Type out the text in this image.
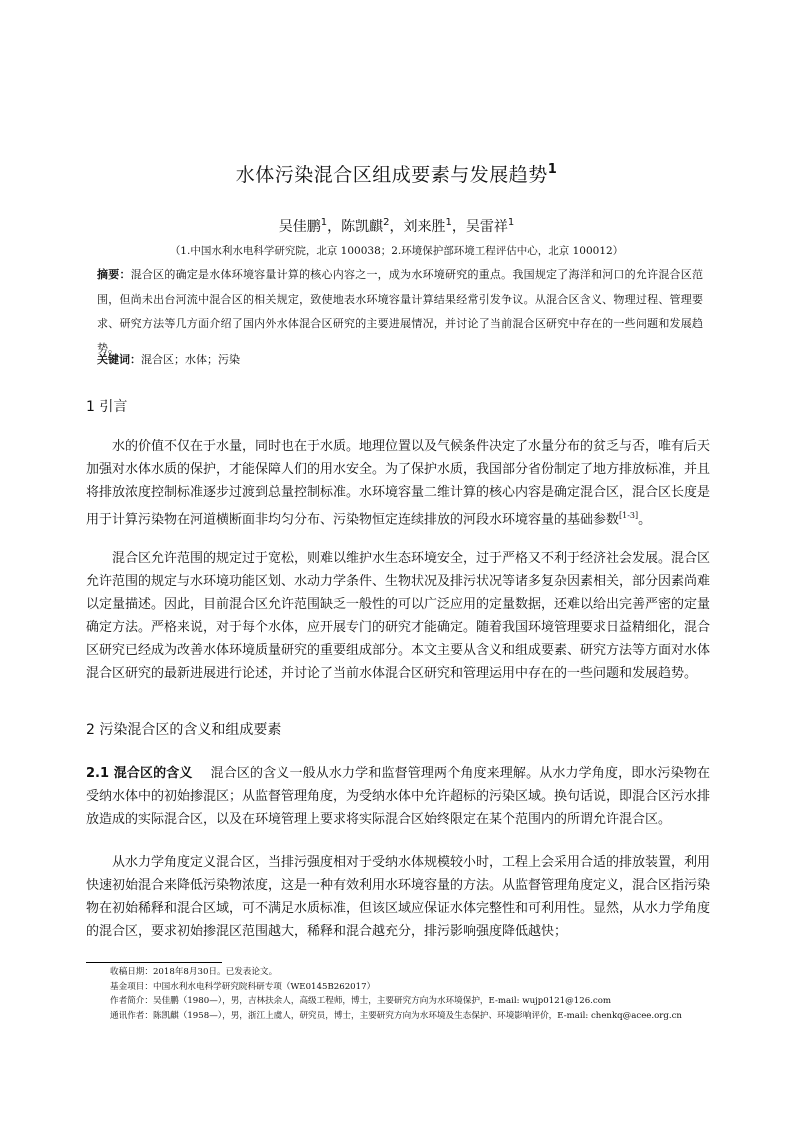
水体污染混合区组成要素与发展趋势$^1$
吴佳鹏$^1$，陈凯麒$^2$，刘来胜$^1$，吴雷祥$^1$
（1.中国水利水电科学研究院，北京 100038；2.环境保护部环境工程评估中心，北京 100012）
摘要：混合区的确定是水体环境容量计算的核心内容之一，成为水环境研究的重点。我国规定了海洋和河口的允许混合区范围，但尚未出台河流中混合区的相关规定，致使地表水环境容量计算结果经常引发争议。从混合区含义、物理过程、管理要求、研究方法等几方面介绍了国内外水体混合区研究的主要进展情况，并讨论了当前混合区研究中存在的一些问题和发展趋势。
关键词：混合区；水体；污染
1 引言
水的价值不仅在于水量，同时也在于水质。地理位置以及气候条件决定了水量分布的贫乏与否，唯有后天加强对水体水质的保护，才能保障人们的用水安全。为了保护水质，我国部分省份制定了地方排放标准，并且将排放浓度控制标准逐步过渡到总量控制标准。水环境容量二维计算的核心内容是确定混合区，混合区长度是用于计算污染物在河道横断面非均匀分布、污染物恒定连续排放的河段水环境容量的基础参数[1-3]。
混合区允许范围的规定过于宽松，则难以维护水生态环境安全，过于严格又不利于经济社会发展。混合区允许范围的规定与水环境功能区划、水动力学条件、生物状况及排污状况等诸多复杂因素相关，部分因素尚难以定量描述。因此，目前混合区允许范围缺乏一般性的可以广泛应用的定量数据，还难以给出完善严密的定量确定方法。严格来说，对于每个水体，应开展专门的研究才能确定。随着我国环境管理要求日益精细化，混合区研究已经成为改善水体环境质量研究的重要组成部分。本文主要从含义和组成要素、研究方法等方面对水体混合区研究的最新进展进行论述，并讨论了当前水体混合区研究和管理运用中存在的一些问题和发展趋势。
2 污染混合区的含义和组成要素
2.1 混合区的含义 混合区的含义一般从水力学和监督管理两个角度来理解。从水力学角度，即水污染物在受纳水体中的初始掺混区；从监督管理角度，为受纳水体中允许超标的污染区域。换句话说，即混合区污水排放造成的实际混合区，以及在环境管理上要求将实际混合区始终限定在某个范围内的所谓允许混合区。
从水力学角度定义混合区，当排污强度相对于受纳水体规模较小时，工程上会采用合适的排放装置，利用快速初始混合来降低污染物浓度，这是一种有效利用水环境容量的方法。从监督管理角度定义，混合区指污染物在初始稀释和混合区域，可不满足水质标准，但该区域应保证水体完整性和可利用性。显然，从水力学角度的混合区，要求初始掺混区范围越大，稀释和混合越充分，排污影响强度降低越快；
收稿日期：2018年8月30日。已发表论文。
基金项目：中国水利水电科学研究院科研专项（WE0145B262017）
作者简介：吴佳鹏（1980—），男，吉林扶余人，高级工程师，博士，主要研究方向为水环境保护，E-mail: wujp0121@126.com
通讯作者：陈凯麒（1958—），男，浙江上虞人，研究员，博士，主要研究方向为水环境及生态保护、环境影响评价，E-mail: chenkq@acee.org.cn
